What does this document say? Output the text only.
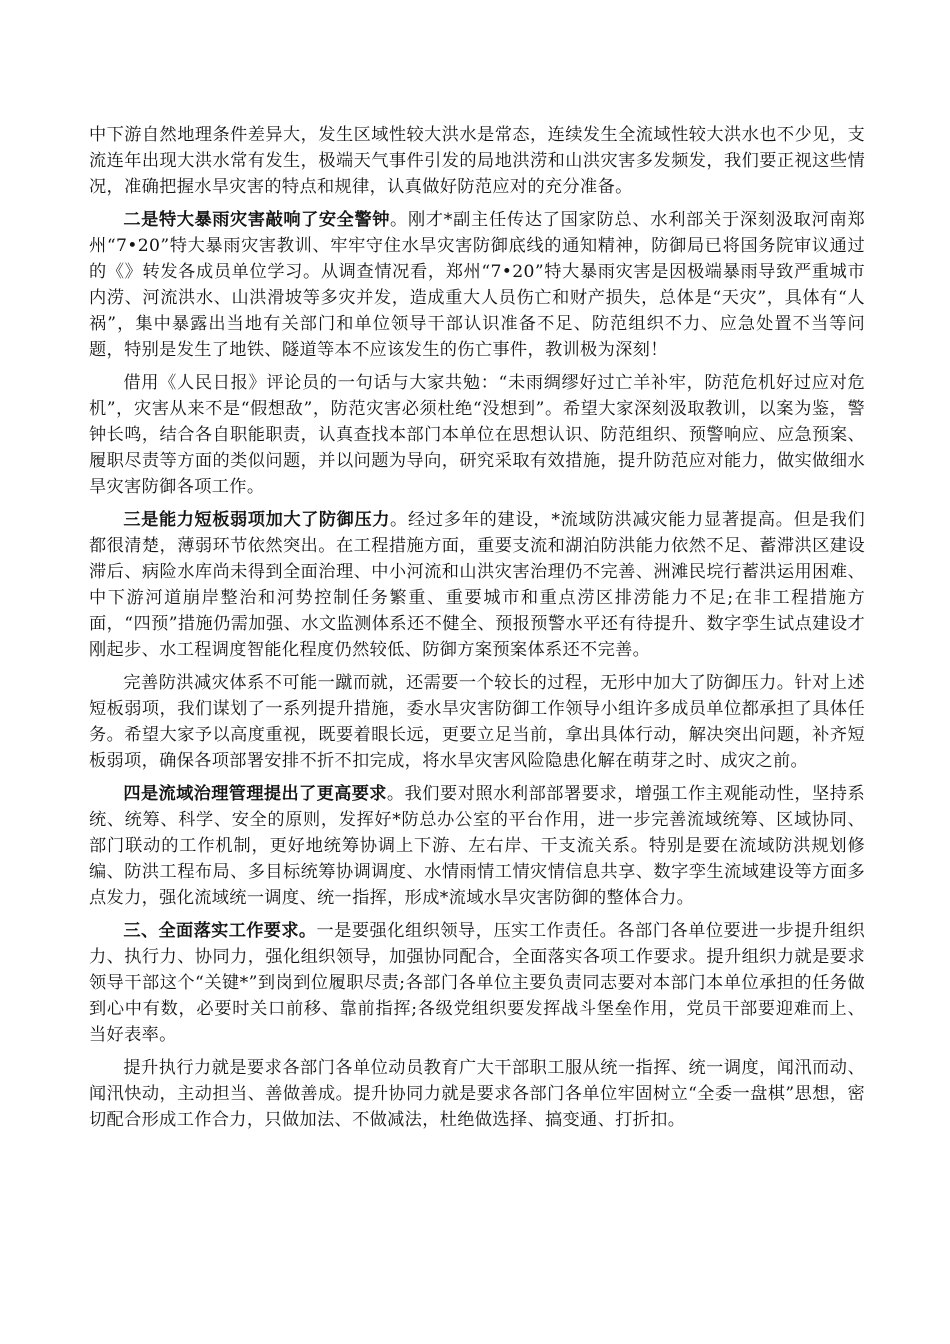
中下游自然地理条件差异大，发生区域性较大洪水是常态，连续发生全流域性较大洪水也不少见，支流连年出现大洪水常有发生，极端天气事件引发的局地洪涝和山洪灾害多发频发，我们要正视这些情况，准确把握水旱灾害的特点和规律，认真做好防范应对的充分准备。

二是特大暴雨灾害敲响了安全警钟。刚才*副主任传达了国家防总、水利部关于深刻汲取河南郑州“7•20”特大暴雨灾害教训、牢牢守住水旱灾害防御底线的通知精神，防御局已将国务院审议通过的《》转发各成员单位学习。从调查情况看，郑州“7•20”特大暴雨灾害是因极端暴雨导致严重城市内涝、河流洪水、山洪滑坡等多灾并发，造成重大人员伤亡和财产损失，总体是“天灾”，具体有“人祸”，集中暴露出当地有关部门和单位领导干部认识准备不足、防范组织不力、应急处置不当等问题，特别是发生了地铁、隧道等本不应该发生的伤亡事件，教训极为深刻！

借用《人民日报》评论员的一句话与大家共勉：“未雨绸缪好过亡羊补牢，防范危机好过应对危机”，灾害从来不是“假想敌”，防范灾害必须杜绝“没想到”。希望大家深刻汲取教训，以案为鉴，警钟长鸣，结合各自职能职责，认真查找本部门本单位在思想认识、防范组织、预警响应、应急预案、履职尽责等方面的类似问题，并以问题为导向，研究采取有效措施，提升防范应对能力，做实做细水旱灾害防御各项工作。

三是能力短板弱项加大了防御压力。经过多年的建设，*流域防洪减灾能力显著提高。但是我们都很清楚，薄弱环节依然突出。在工程措施方面，重要支流和湖泊防洪能力依然不足、蓄滞洪区建设滞后、病险水库尚未得到全面治理、中小河流和山洪灾害治理仍不完善、洲滩民垸行蓄洪运用困难、中下游河道崩岸整治和河势控制任务繁重、重要城市和重点涝区排涝能力不足;在非工程措施方面，“四预”措施仍需加强、水文监测体系还不健全、预报预警水平还有待提升、数字孪生试点建设才刚起步、水工程调度智能化程度仍然较低、防御方案预案体系还不完善。

完善防洪减灾体系不可能一蹴而就，还需要一个较长的过程，无形中加大了防御压力。针对上述短板弱项，我们谋划了一系列提升措施，委水旱灾害防御工作领导小组许多成员单位都承担了具体任务。希望大家予以高度重视，既要着眼长远，更要立足当前，拿出具体行动，解决突出问题，补齐短板弱项，确保各项部署安排不折不扣完成，将水旱灾害风险隐患化解在萌芽之时、成灾之前。

四是流域治理管理提出了更高要求。我们要对照水利部部署要求，增强工作主观能动性，坚持系统、统筹、科学、安全的原则，发挥好*防总办公室的平台作用，进一步完善流域统筹、区域协同、部门联动的工作机制，更好地统筹协调上下游、左右岸、干支流关系。特别是要在流域防洪规划修编、防洪工程布局、多目标统筹协调调度、水情雨情工情灾情信息共享、数字孪生流域建设等方面多点发力，强化流域统一调度、统一指挥，形成*流域水旱灾害防御的整体合力。

三、全面落实工作要求。一是要强化组织领导，压实工作责任。各部门各单位要进一步提升组织力、执行力、协同力，强化组织领导，加强协同配合，全面落实各项工作要求。提升组织力就是要求领导干部这个“关键*”到岗到位履职尽责;各部门各单位主要负责同志要对本部门本单位承担的任务做到心中有数，必要时关口前移、靠前指挥;各级党组织要发挥战斗堡垒作用，党员干部要迎难而上、当好表率。

提升执行力就是要求各部门各单位动员教育广大干部职工服从统一指挥、统一调度，闻汛而动、闻汛快动，主动担当、善做善成。提升协同力就是要求各部门各单位牢固树立“全委一盘棋”思想，密切配合形成工作合力，只做加法、不做减法，杜绝做选择、搞变通、打折扣。
